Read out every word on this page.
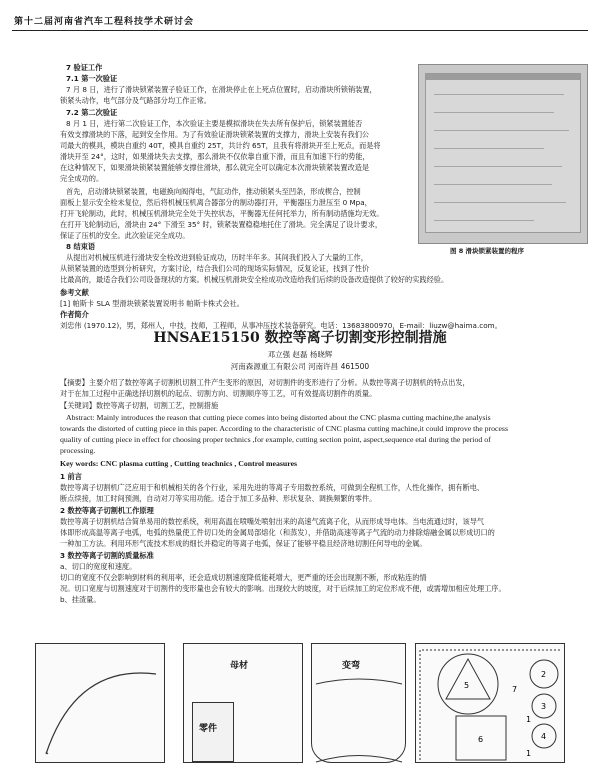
第十二届河南省汽车工程科技学术研讨会
7 验证工作
7.1 第一次验证
7 月 8 日，进行了滑块锁紧装置子验证工作，在滑块停止在上死点位置时，启动滑块所锁销装置，
锁紧头动作，电气部分及气路部分均工作正常。
7.2 第二次验证
8 月 1 日，进行第二次验证工作，本次验证主要是模拟滑块在失去所有保护后，锁紧装置能否
有效支撑滑块的下落，起到安全作用。为了有效验证滑块锁紧装置的支撑力，滑块上安装有我们公
司最大的模具，模块自重约 40T，模具自重约 25T，共计约 65T，且我有将滑块开至上死点，而是将
滑块开至 24°，这时，如果滑块失去支撑，那么滑块不仅依靠自重下滑，而且有加速下行的势能，
在这种情况下，如果滑块锁紧装置能够支撑住滑块，那么就完全可以确定本次滑块锁紧装置改造是
完全成功的。
首先，启动滑块锁紧装置，电磁换向阀得电，气缸动作，推动锁紧头至凹条，形成楔合，控制
面板上显示安全栓未复位，然后将机械压机离合器部分的制动器打开，平衡器压力泄压至 0 Mpa，
打开飞轮制动，此时，机械压机滑块完全处于失控状态，平衡器无任何托举力，所有制动措施均无效。
在打开飞轮制动后，滑块由 24° 下滑至 35° 时，锁紧装置稳稳地托住了滑块。完全满足了设计要求，
保证了压机的安全。此次验证完全成功。
8 结束语
从提出对机械压机进行滑块安全栓改进到验证成功，历时半年多。其间我们投入了大量的工作，
从锁紧装置的选型到分析研究，方案讨论，结合我们公司的现场实际情况，反复论证，找到了性价
比最高的，最适合我们公司设备现状的方案。机械压机滑块安全栓成功改造给我们后续的设备改造提供了较好的实践经验。
图 8 滑块锁紧装置的程序
参考文献
[1] 帕斯卡 SLA 型滑块锁紧装置说明书 帕斯卡株式会社。
作者简介
刘忠伟 (1970.12)，男，郑州人，中技，技师，工程师，从事冲压技术装备研究。电话：13683800970，E-mail：liuzw@haima.com。
HNSAE15150 数控等离子切割变形控制措施
邓立强 赵磊 杨晓辉
河南森源重工有限公司 河南许昌 461500
【摘要】主要介绍了数控等离子切割机切割工件产生变形的原因，对切割件的变形进行了分析。从数控等离子切割机的特点出发，
对于在加工过程中正确选择切割机的起点、切割方向、切割顺序等工艺，可有效提高切割件的质量。
【关键词】数控等离子切割，切割工艺，控制措施
Abstract: Mainly introduces the reason that cutting piece comes into being distorted about the CNC plasma cutting machine,the analysis
towards the distorted of cutting piece in this paper. According to the characteristic of CNC plasma cutting machine,it could improve the process
quality of cutting piece in effect for choosing proper technics ,for example, cutting section point, aspect,sequence etal during the period of
processing.
Key words: CNC plasma cutting , Cutting teachnics , Control measures
1 前言
数控等离子切割机广泛应用于和机械相关的各个行业，采用先进的等离子专用数控系统，可做到全程机工作，人性化操作，拥有断电、
断点续接，加工时间预测，自动对刀等实用功能。适合于加工多品种、形状复杂、调换频繁的零件。
2 数控等离子切割机工作原理
数控等离子切割机结合简单易用的数控系统，利用高温在喷嘴处喷射出来的高速气流离子化，从而形成导电体。当电流通过时，该导气
体即形成高温等离子电弧，电弧的热量使工件切口处的金属局部熔化（和蒸发），并借助高速等离子气流的动力排除熔融金属以形成切口的
一种加工方法。利用环形气流技术形成的细长并稳定的等离子电弧，保证了能够平稳且经济地切割任何导电的金属。
3 数控等离子切割的质量标准
a、切口的宽度和速度。
切口的宽度不仅会影响到材料的利用率，还会造成切割速度降低能耗增大，更严重的还会出现割不断，形成粘连的情
况。切口宽度与切割速度对于切割件的变形量也会有较大的影响。出现较大的坡度，对于后续加工的定位形成不便，或需增加相应处理工序。
b、挂渣量。
母材
零件
变弯
5
6
7
2
1
3
4
1
